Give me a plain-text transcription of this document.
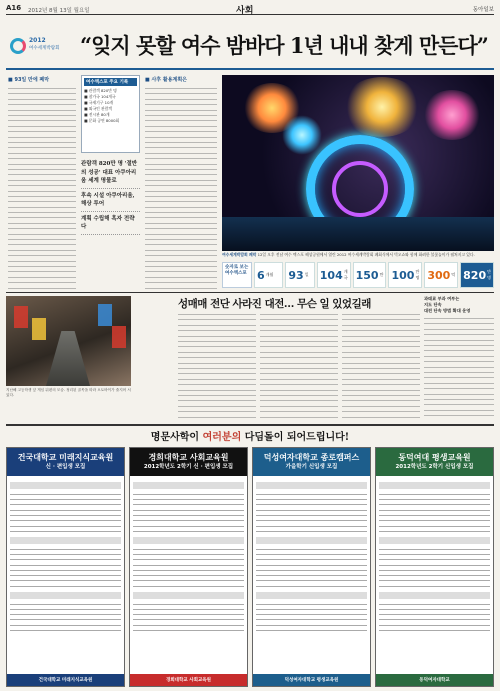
A16 2012년 8월 13일 월요일	사회	동아일보
2012
여수세계박람회 “잊지 못할 여수 밤바다 1년 내내 찾게 만든다”
■ 93일 만에 폐막	여수엑스포 주요 기록
■ 관람객 820만 명
■ 참가국 104개국
■ 국제기구 10개
■ 외국인 관람객
■ 전시관 80개
■ 문화 공연 8000회
관람객 820만 명 '절반의 성공' 대표 아쿠아리움 세계 명물로
후속 시설 아쿠아리움, 해상 투어
계획 수립해 흑자 전략 다
■ 사후 활용계획은
여수세계박람회 폐막 12일 오후 전남 여수 엑스포 해상공원에서 열린 2012 여수세계박람회 폐회식에서 빅오쇼와 함께 화려한 불꽃놀이가 펼쳐지고 있다.
숫자로 보는 여수엑스포 6 개월 93 일 104 개국 150 만 100 만 명 300 억 820 만 명
지난해 고등학생 앞 게임 뒤편의 모습. 정리된 골목을 따라 오토바이가 줄지어 서 있다.
성매매 전단 사라진 대전… 무슨 일 있었길래	과태료 부과 여부는
지도 단속
대전 단속 방법 확대 운영
명문사학이 여러분의 다딤돌이 되어드립니다!
건국대학교 미래지식교육원
신 · 편입생 모집
건국대학교 미래지식교육원
경희대학교 사회교육원
2012학년도 2학기 신 · 편입생 모집
경희대학교 사회교육원
덕성여자대학교 종로캠퍼스
가을학기 신입생 모집
덕성여자대학교 평생교육원
동덕여대 평생교육원
2012학년도 2학기 신입생 모집
동덕여자대학교
